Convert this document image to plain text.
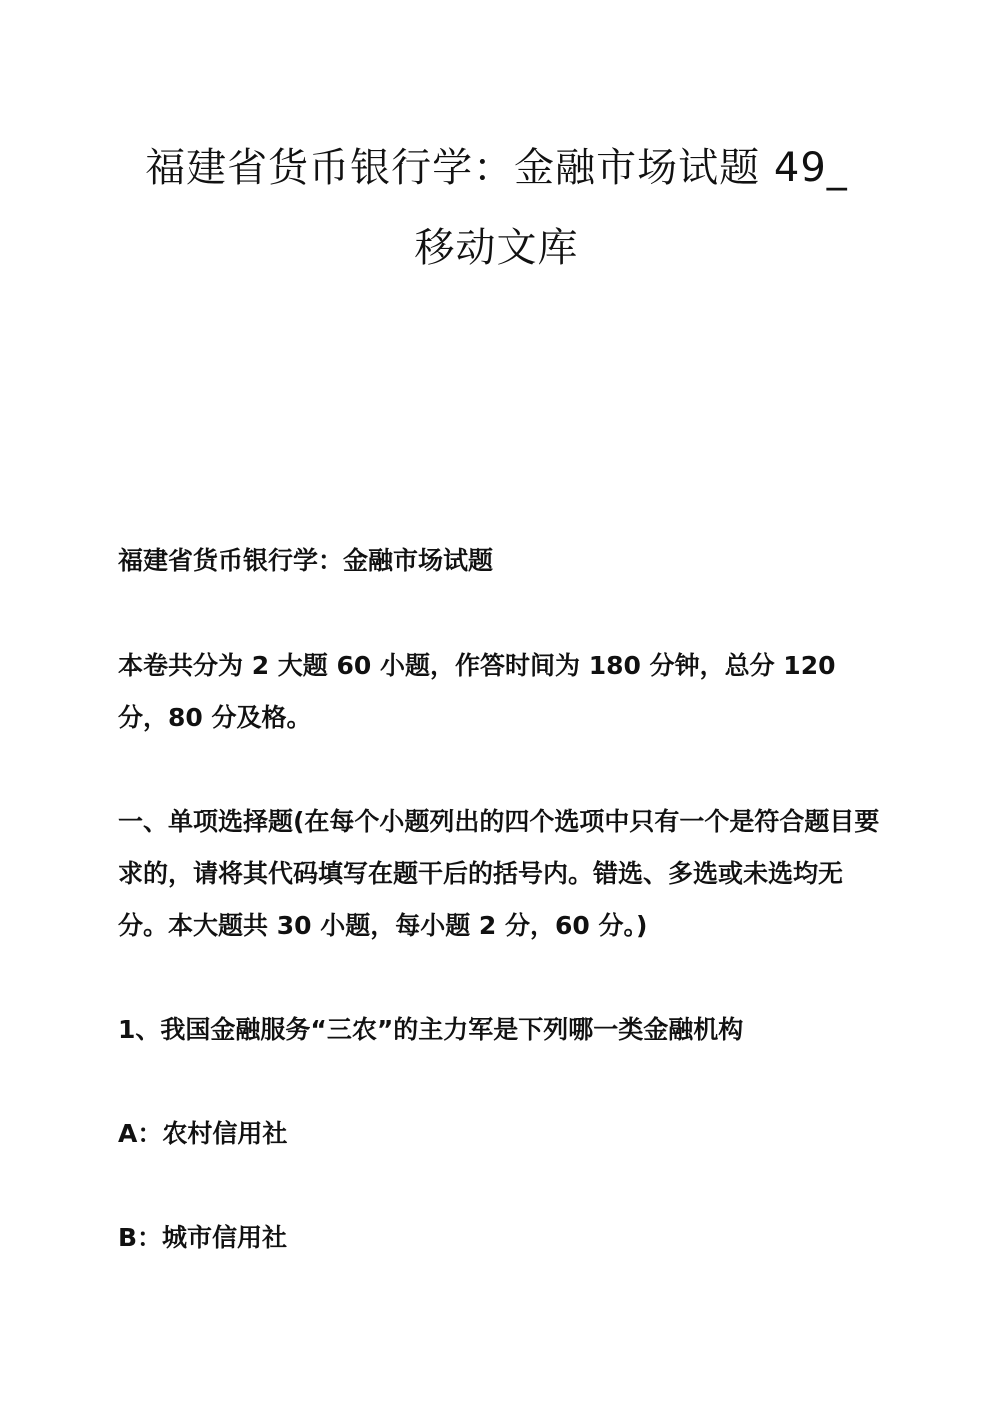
福建省货币银行学：金融市场试题 49_
移动文库

福建省货币银行学：金融市场试题

本卷共分为 2 大题 60 小题，作答时间为 180 分钟，总分 120 分，80 分及格。

一、单项选择题(在每个小题列出的四个选项中只有一个是符合题目要求的，请将其代码填写在题干后的括号内。错选、多选或未选均无分。本大题共 30 小题，每小题 2 分，60 分。)

1、我国金融服务“三农”的主力军是下列哪一类金融机构

A：农村信用社

B：城市信用社
